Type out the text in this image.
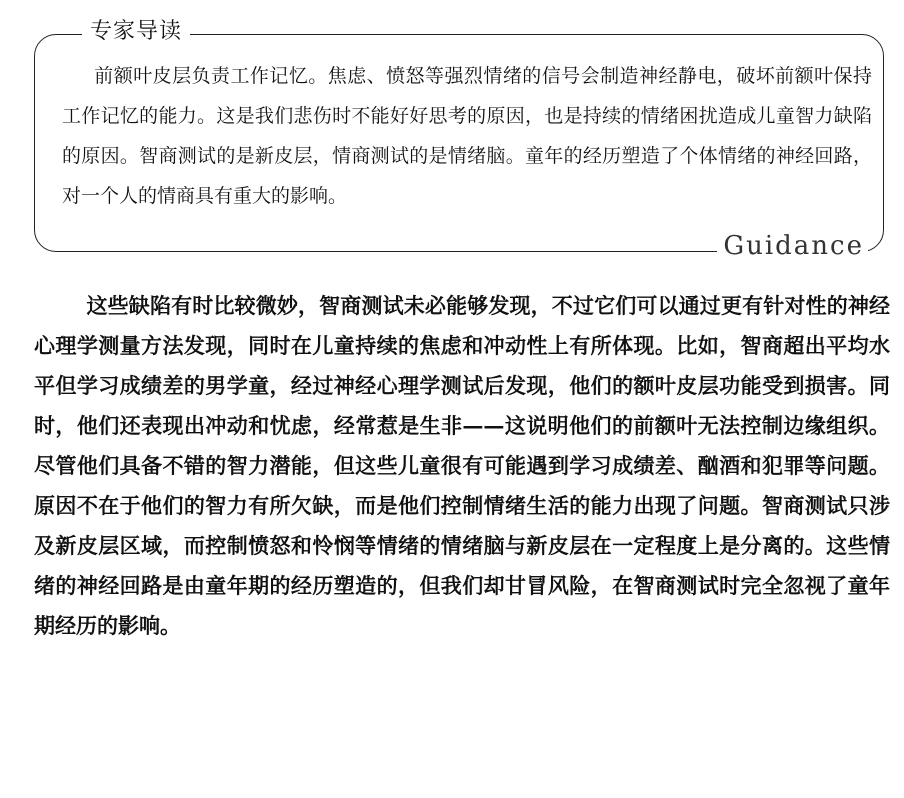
专家导读

前额叶皮层负责工作记忆。焦虑、愤怒等强烈情绪的信号会制造神经静电，破坏前额叶保持工作记忆的能力。这是我们悲伤时不能好好思考的原因，也是持续的情绪困扰造成儿童智力缺陷的原因。智商测试的是新皮层，情商测试的是情绪脑。童年的经历塑造了个体情绪的神经回路，对一个人的情商具有重大的影响。

Guidance

这些缺陷有时比较微妙，智商测试未必能够发现，不过它们可以通过更有针对性的神经心理学测量方法发现，同时在儿童持续的焦虑和冲动性上有所体现。比如，智商超出平均水平但学习成绩差的男学童，经过神经心理学测试后发现，他们的额叶皮层功能受到损害。同时，他们还表现出冲动和忧虑，经常惹是生非——这说明他们的前额叶无法控制边缘组织。尽管他们具备不错的智力潜能，但这些儿童很有可能遇到学习成绩差、酗酒和犯罪等问题。原因不在于他们的智力有所欠缺，而是他们控制情绪生活的能力出现了问题。智商测试只涉及新皮层区域，而控制愤怒和怜悯等情绪的情绪脑与新皮层在一定程度上是分离的。这些情绪的神经回路是由童年期的经历塑造的，但我们却甘冒风险，在智商测试时完全忽视了童年期经历的影响。
